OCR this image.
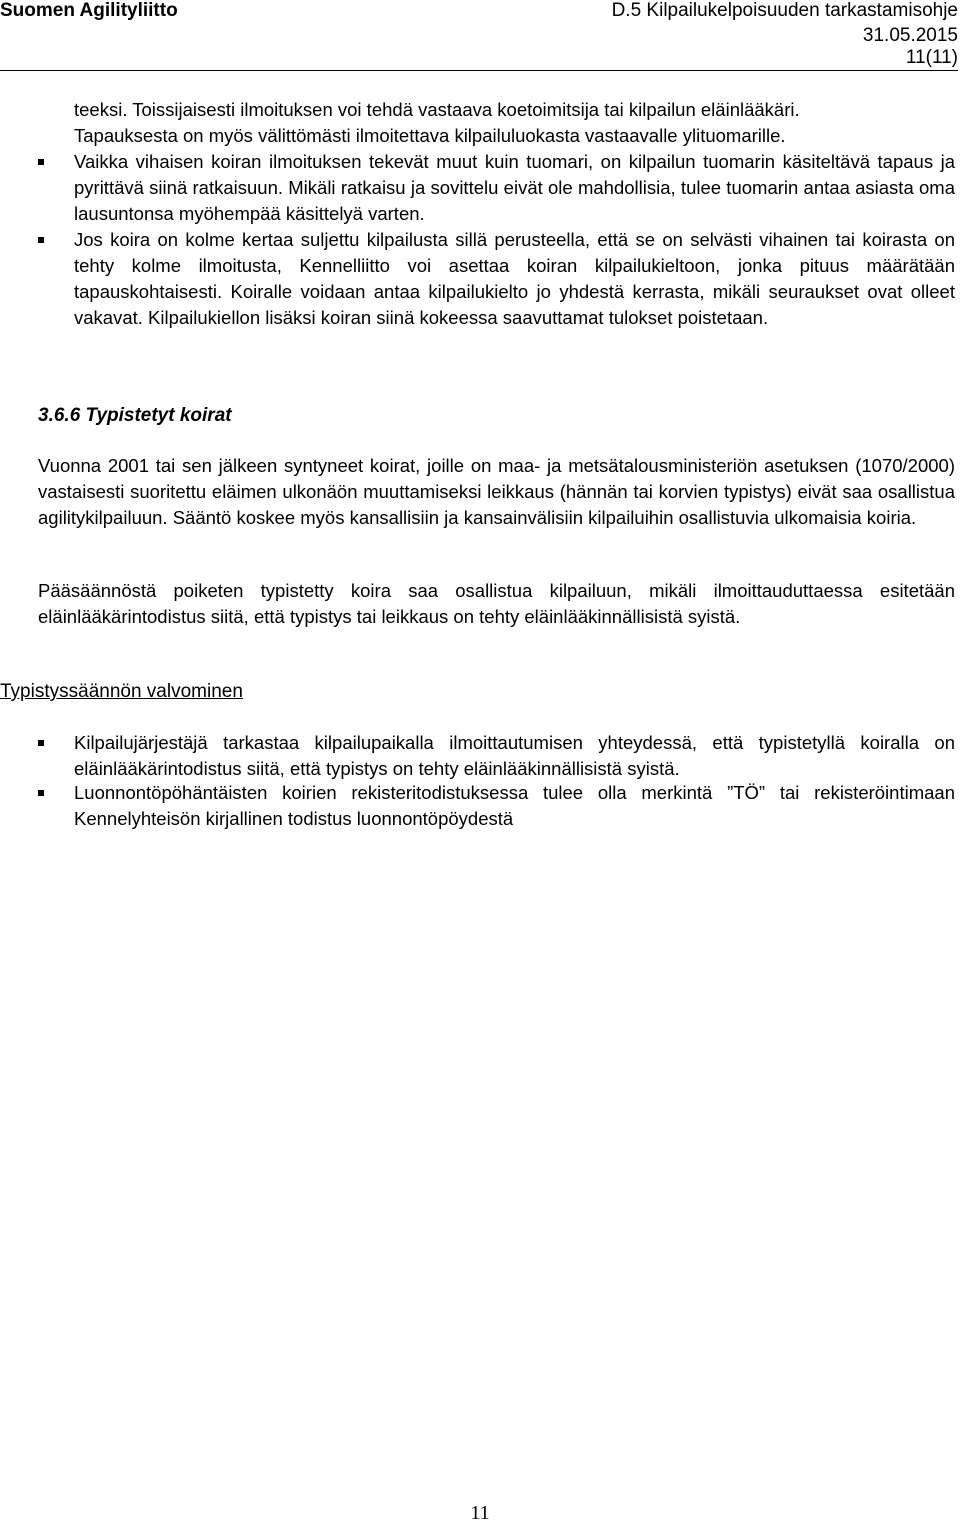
Suomen Agilityliitto	D.5 Kilpailukelpoisuuden tarkastamisohje
31.05.2015
11(11)
teeksi. Toissijaisesti ilmoituksen voi tehdä vastaava koetoimitsija tai kilpailun eläinlääkäri.
Tapauksesta on myös välittömästi ilmoitettava kilpailuluokasta vastaavalle ylituomarille.
Vaikka vihaisen koiran ilmoituksen tekevät muut kuin tuomari, on kilpailun tuomarin käsiteltävä tapaus ja pyrittävä siinä ratkaisuun. Mikäli ratkaisu ja sovittelu eivät ole mahdollisia, tulee tuomarin antaa asiasta oma lausuntonsa myöhempää käsittelyä varten.
Jos koira on kolme kertaa suljettu kilpailusta sillä perusteella, että se on selvästi vihainen tai koirasta on tehty kolme ilmoitusta, Kennelliitto voi asettaa koiran kilpailukieltoon, jonka pituus määrätään tapauskohtaisesti. Koiralle voidaan antaa kilpailukielto jo yhdestä kerrasta, mikäli seuraukset ovat olleet vakavat. Kilpailukiellon lisäksi koiran siinä kokeessa saavuttamat tulokset poistetaan.
3.6.6 Typistetyt koirat
Vuonna 2001 tai sen jälkeen syntyneet koirat, joille on maa- ja metsätalousministeriön asetuksen (1070/2000) vastaisesti suoritettu eläimen ulkonäön muuttamiseksi leikkaus (hännän tai korvien typistys) eivät saa osallistua agilitykilpailuun. Sääntö koskee myös kansallisiin ja kansainvälisiin kilpailuihin osallistuvia ulkomaisia koiria.
Pääsäännöstä poiketen typistetty koira saa osallistua kilpailuun, mikäli ilmoittauduttaessa esitetään eläinlääkärintodistus siitä, että typistys tai leikkaus on tehty eläinlääkinnällisistä syistä.
Typistyssäännön valvominen
Kilpailujärjestäjä tarkastaa kilpailupaikalla ilmoittautumisen yhteydessä, että typistetyllä koiralla on eläinlääkärintodistus siitä, että typistys on tehty eläinlääkinnällisistä syistä.
Luonnontöpöhäntäisten koirien rekisteritodistuksessa tulee olla merkintä ”TÖ” tai rekisteröintimaan Kennelyhteisön kirjallinen todistus luonnontöpöydestä
11
